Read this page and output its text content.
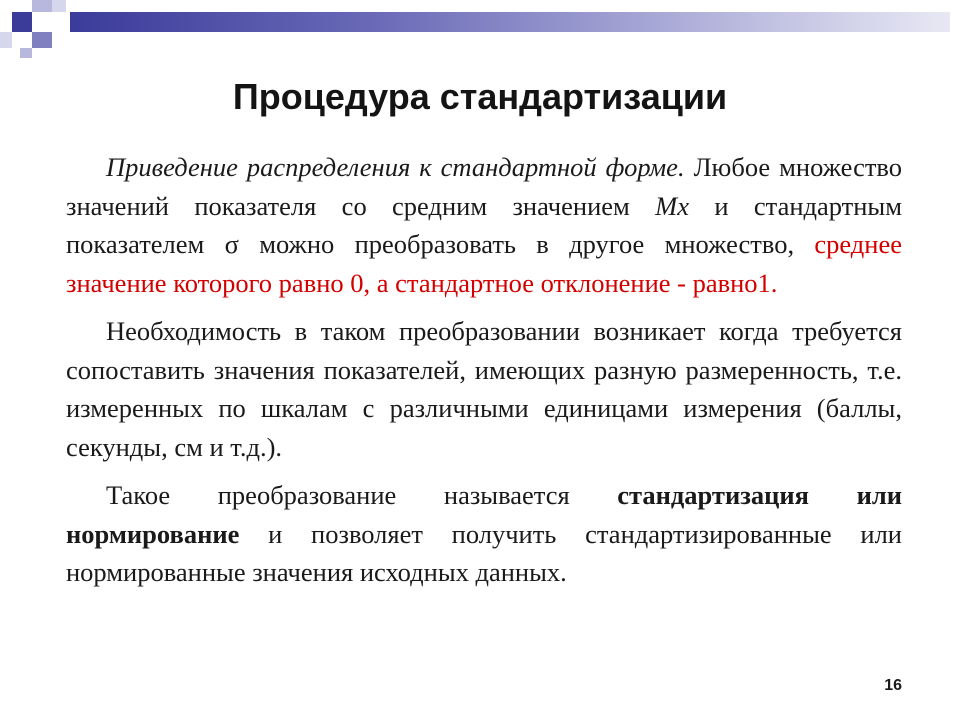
Процедура стандартизации

Приведение распределения к стандартной форме. Любое множество значений показателя со средним значением Mx и стандартным показателем σ можно преобразовать в другое множество, среднее значение которого равно 0, а стандартное отклонение - равно1.

Необходимость в таком преобразовании возникает когда требуется сопоставить значения показателей, имеющих разную размеренность, т.е. измеренных по шкалам с различными единицами измерения (баллы, секунды, см и т.д.).

Такое преобразование называется стандартизация или нормирование и позволяет получить стандартизированные или нормированные значения исходных данных.

16
